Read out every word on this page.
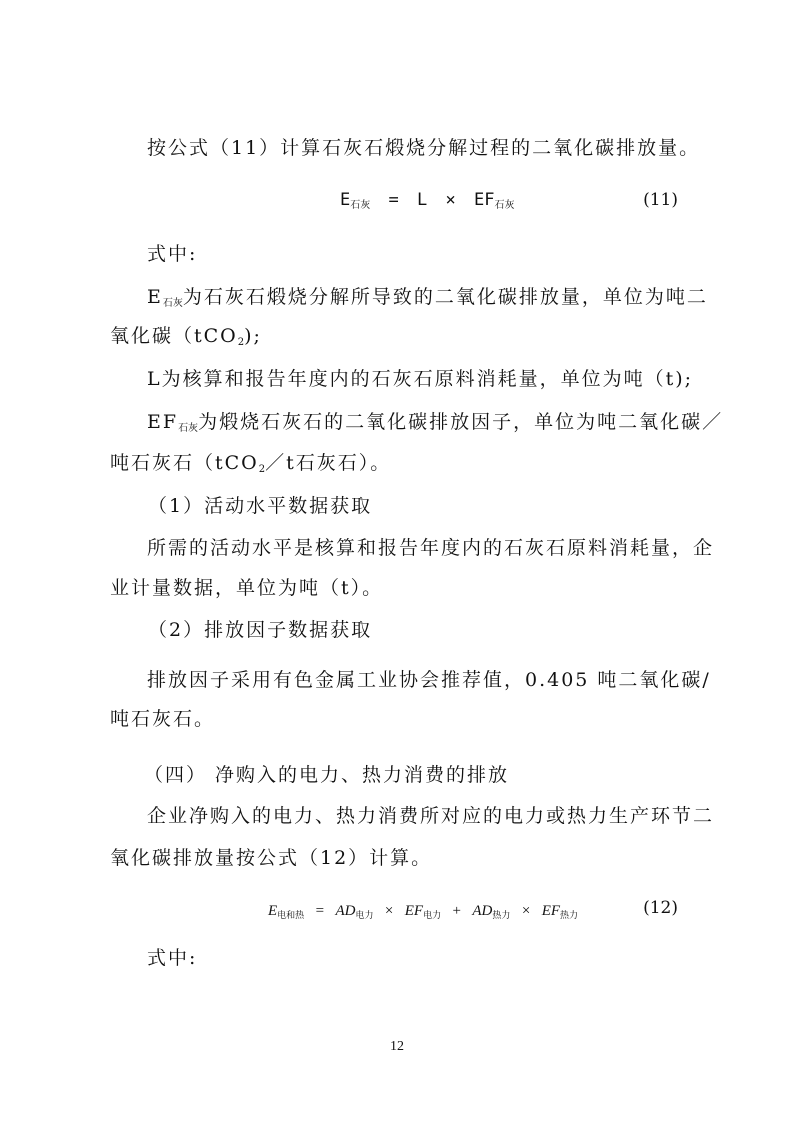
按公式（11）计算石灰石煅烧分解过程的二氧化碳排放量。
$E_{石灰} = L \times EF_{石灰}$	(11)
式中:
$E_{石灰}$为石灰石煅烧分解所导致的二氧化碳排放量，单位为吨二
氧化碳（tCO$_2$);
L为核算和报告年度内的石灰石原料消耗量，单位为吨（t);
$EF_{石灰}$为煅烧石灰石的二氧化碳排放因子，单位为吨二氧化碳／
吨石灰石（tCO$_2$／t石灰石）。
（1）活动水平数据获取
所需的活动水平是核算和报告年度内的石灰石原料消耗量，企
业计量数据，单位为吨（t）。
（2）排放因子数据获取
排放因子采用有色金属工业协会推荐值，0.405 吨二氧化碳/
吨石灰石。
（四） 净购入的电力、热力消费的排放
企业净购入的电力、热力消费所对应的电力或热力生产环节二
氧化碳排放量按公式（12）计算。
E电和热 = AD电力 × EF电力 + AD热力 × EF热力	(12)
式中:
12
